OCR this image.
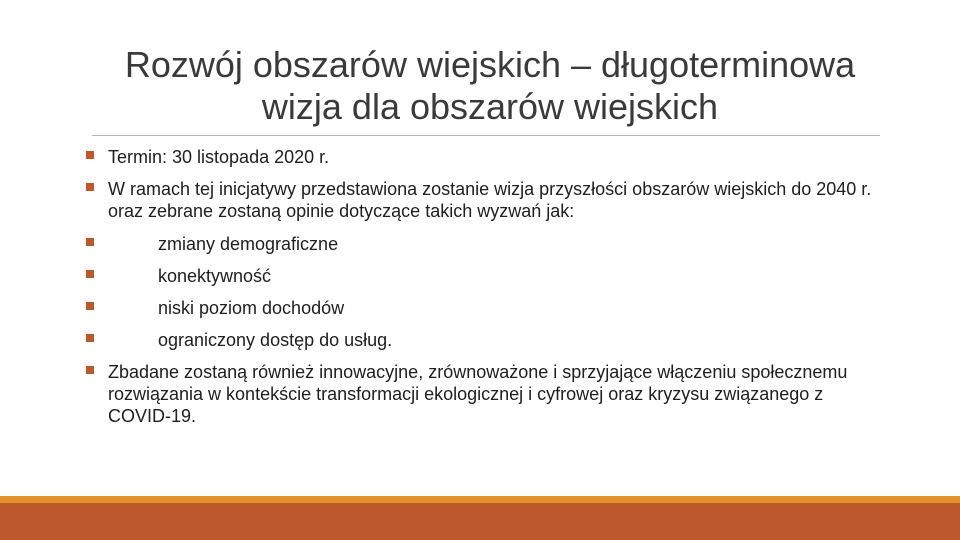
Rozwój obszarów wiejskich – długoterminowa
wizja dla obszarów wiejskich
Termin: 30 listopada 2020 r.
W ramach tej inicjatywy przedstawiona zostanie wizja przyszłości obszarów wiejskich do 2040 r. oraz zebrane zostaną opinie dotyczące takich wyzwań jak:
zmiany demograficzne
konektywność
niski poziom dochodów
ograniczony dostęp do usług.
Zbadane zostaną również innowacyjne, zrównoważone i sprzyjające włączeniu społecznemu rozwiązania w kontekście transformacji ekologicznej i cyfrowej oraz kryzysu związanego z COVID-19.
